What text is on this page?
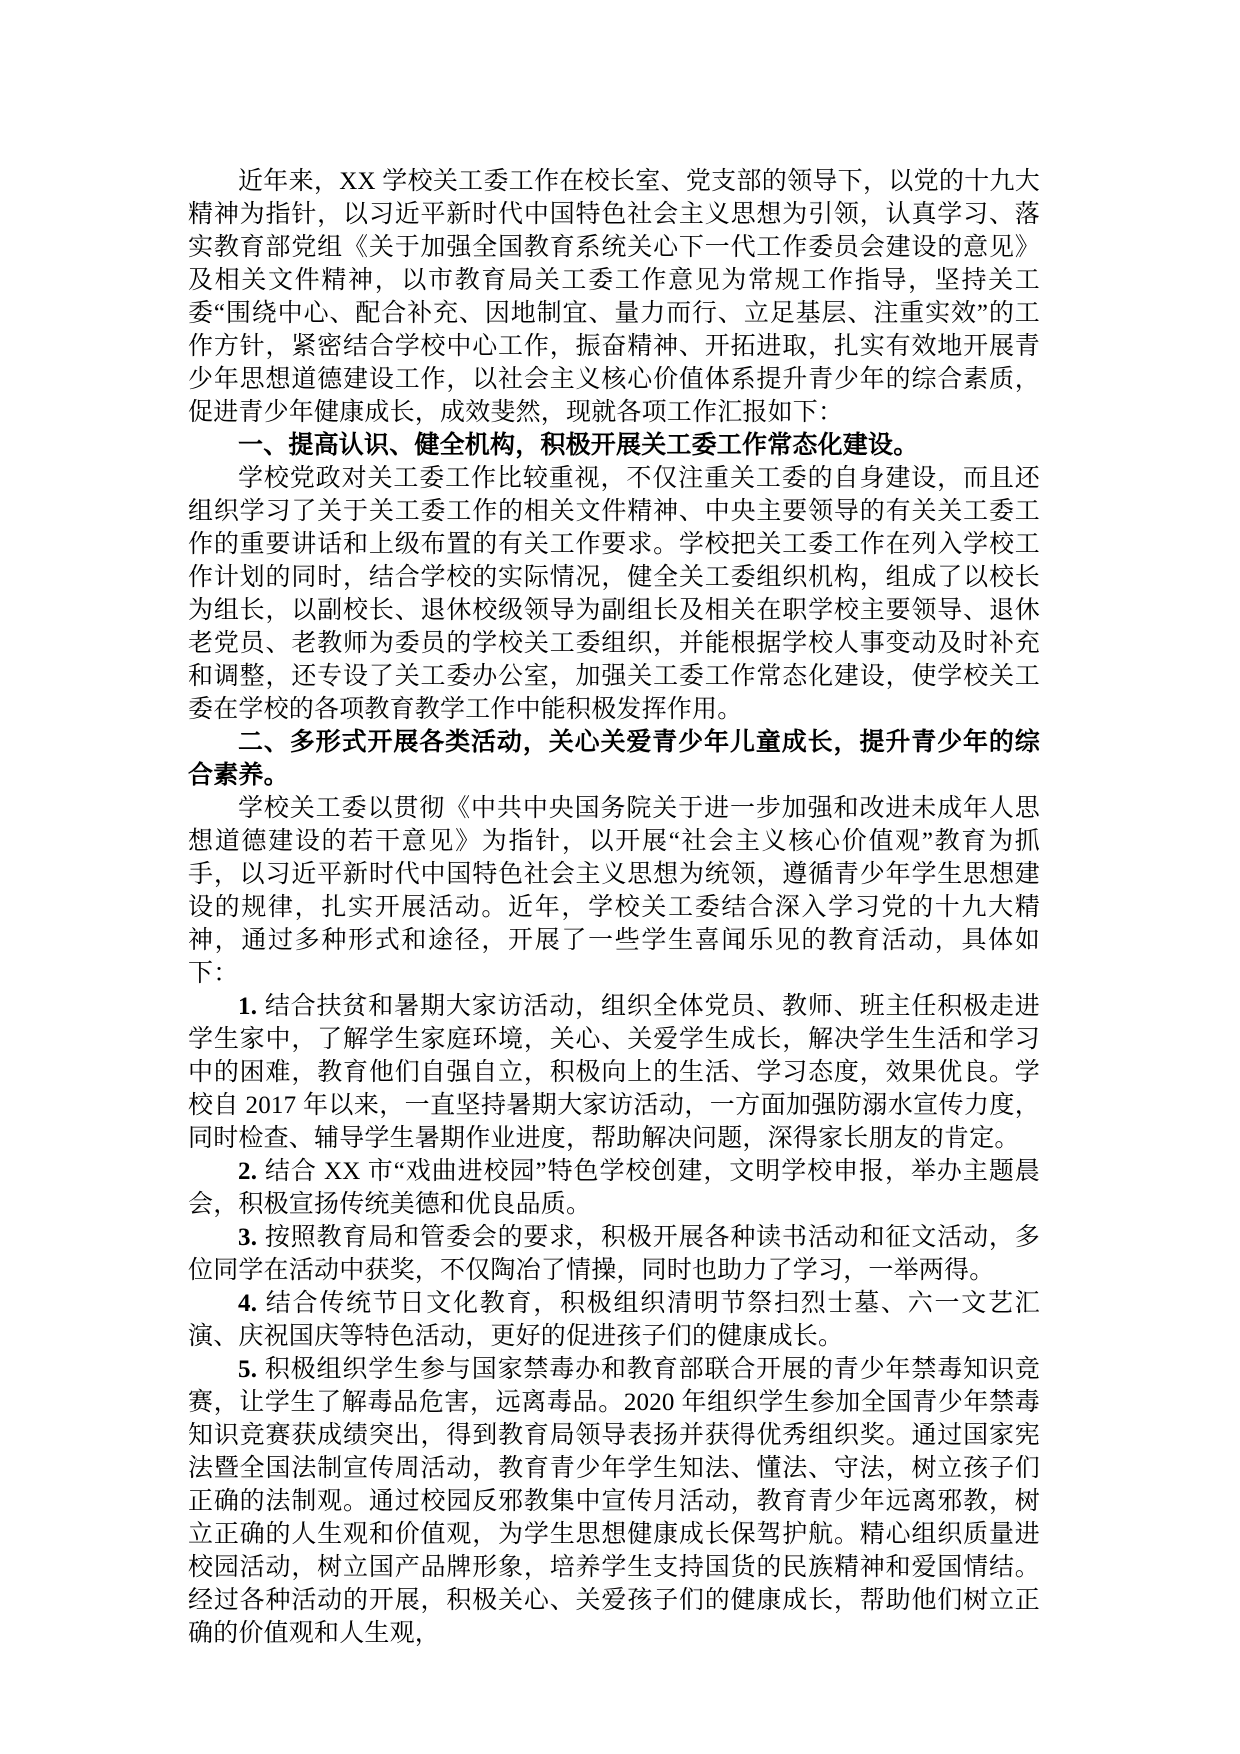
近年来，XX 学校关工委工作在校长室、党支部的领导下，以党的十九大精神为指针，以习近平新时代中国特色社会主义思想为引领，认真学习、落实教育部党组《关于加强全国教育系统关心下一代工作委员会建设的意见》及相关文件精神，以市教育局关工委工作意见为常规工作指导，坚持关工委“围绕中心、配合补充、因地制宜、量力而行、立足基层、注重实效”的工作方针，紧密结合学校中心工作，振奋精神、开拓进取，扎实有效地开展青少年思想道德建设工作，以社会主义核心价值体系提升青少年的综合素质，促进青少年健康成长，成效斐然，现就各项工作汇报如下：

一、提高认识、健全机构，积极开展关工委工作常态化建设。

学校党政对关工委工作比较重视，不仅注重关工委的自身建设，而且还组织学习了关于关工委工作的相关文件精神、中央主要领导的有关关工委工作的重要讲话和上级布置的有关工作要求。学校把关工委工作在列入学校工作计划的同时，结合学校的实际情况，健全关工委组织机构，组成了以校长为组长，以副校长、退休校级领导为副组长及相关在职学校主要领导、退休老党员、老教师为委员的学校关工委组织，并能根据学校人事变动及时补充和调整，还专设了关工委办公室，加强关工委工作常态化建设，使学校关工委在学校的各项教育教学工作中能积极发挥作用。

二、多形式开展各类活动，关心关爱青少年儿童成长，提升青少年的综合素养。

学校关工委以贯彻《中共中央国务院关于进一步加强和改进未成年人思想道德建设的若干意见》为指针，以开展“社会主义核心价值观”教育为抓手，以习近平新时代中国特色社会主义思想为统领，遵循青少年学生思想建设的规律，扎实开展活动。近年，学校关工委结合深入学习党的十九大精神，通过多种形式和途径，开展了一些学生喜闻乐见的教育活动，具体如下：

1. 结合扶贫和暑期大家访活动，组织全体党员、教师、班主任积极走进学生家中，了解学生家庭环境，关心、关爱学生成长，解决学生生活和学习中的困难，教育他们自强自立，积极向上的生活、学习态度，效果优良。学校自 2017 年以来，一直坚持暑期大家访活动，一方面加强防溺水宣传力度，同时检查、辅导学生暑期作业进度，帮助解决问题，深得家长朋友的肯定。

2. 结合 XX 市“戏曲进校园”特色学校创建，文明学校申报，举办主题晨会，积极宣扬传统美德和优良品质。

3. 按照教育局和管委会的要求，积极开展各种读书活动和征文活动，多位同学在活动中获奖，不仅陶冶了情操，同时也助力了学习，一举两得。

4. 结合传统节日文化教育，积极组织清明节祭扫烈士墓、六一文艺汇演、庆祝国庆等特色活动，更好的促进孩子们的健康成长。

5. 积极组织学生参与国家禁毒办和教育部联合开展的青少年禁毒知识竞赛，让学生了解毒品危害，远离毒品。2020 年组织学生参加全国青少年禁毒知识竞赛获成绩突出，得到教育局领导表扬并获得优秀组织奖。通过国家宪法暨全国法制宣传周活动，教育青少年学生知法、懂法、守法，树立孩子们正确的法制观。通过校园反邪教集中宣传月活动，教育青少年远离邪教，树立正确的人生观和价值观，为学生思想健康成长保驾护航。精心组织质量进校园活动，树立国产品牌形象，培养学生支持国货的民族精神和爱国情结。经过各种活动的开展，积极关心、关爱孩子们的健康成长，帮助他们树立正确的价值观和人生观，
